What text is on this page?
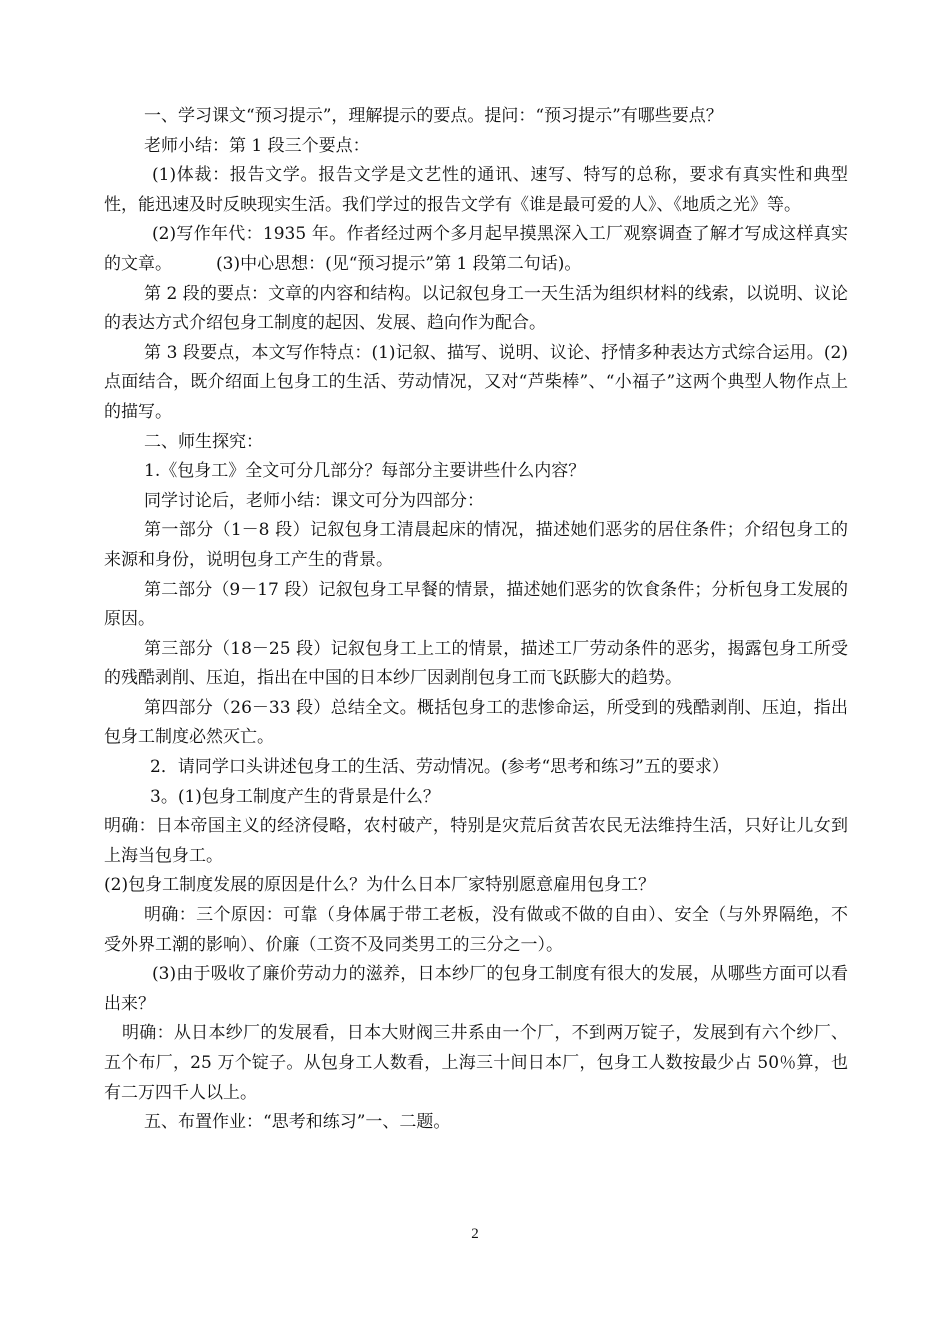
一、学习课文“预习提示”，理解提示的要点。提问：“预习提示”有哪些要点？

老师小结：第 1 段三个要点：

(1)体裁：报告文学。报告文学是文艺性的通讯、速写、特写的总称，要求有真实性和典型性，能迅速及时反映现实生活。我们学过的报告文学有《谁是最可爱的人》、《地质之光》等。

(2)写作年代：1935 年。作者经过两个多月起早摸黑深入工厂观察调查了解才写成这样真实的文章。	(3)中心思想：(见“预习提示”第 1 段第二句话)。

第 2 段的要点：文章的内容和结构。以记叙包身工一天生活为组织材料的线索，以说明、议论的表达方式介绍包身工制度的起因、发展、趋向作为配合。

第 3 段要点，本文写作特点：(1)记叙、描写、说明、议论、抒情多种表达方式综合运用。(2)点面结合，既介绍面上包身工的生活、劳动情况，又对“芦柴棒”、“小福子”这两个典型人物作点上的描写。

二、师生探究：

1.《包身工》全文可分几部分？每部分主要讲些什么内容？

同学讨论后，老师小结：课文可分为四部分：

第一部分（1－8 段）记叙包身工清晨起床的情况，描述她们恶劣的居住条件；介绍包身工的来源和身份，说明包身工产生的背景。

第二部分（9－17 段）记叙包身工早餐的情景，描述她们恶劣的饮食条件；分析包身工发展的原因。

第三部分（18－25 段）记叙包身工上工的情景，描述工厂劳动条件的恶劣，揭露包身工所受的残酷剥削、压迫，指出在中国的日本纱厂因剥削包身工而飞跃膨大的趋势。

第四部分（26－33 段）总结全文。概括包身工的悲惨命运，所受到的残酷剥削、压迫，指出包身工制度必然灭亡。

2．请同学口头讲述包身工的生活、劳动情况。(参考“思考和练习”五的要求）

3。(1)包身工制度产生的背景是什么？

明确：日本帝国主义的经济侵略，农村破产，特别是灾荒后贫苦农民无法维持生活，只好让儿女到上海当包身工。

(2)包身工制度发展的原因是什么？为什么日本厂家特别愿意雇用包身工？

明确：三个原因：可靠（身体属于带工老板，没有做或不做的自由）、安全（与外界隔绝，不受外界工潮的影响）、价廉（工资不及同类男工的三分之一）。

(3)由于吸收了廉价劳动力的滋养，日本纱厂的包身工制度有很大的发展，从哪些方面可以看出来？

明确：从日本纱厂的发展看，日本大财阀三井系由一个厂，不到两万锭子，发展到有六个纱厂、五个布厂，25 万个锭子。从包身工人数看，上海三十间日本厂，包身工人数按最少占 50％算，也有二万四千人以上。

五、布置作业：“思考和练习”一、二题。

2
